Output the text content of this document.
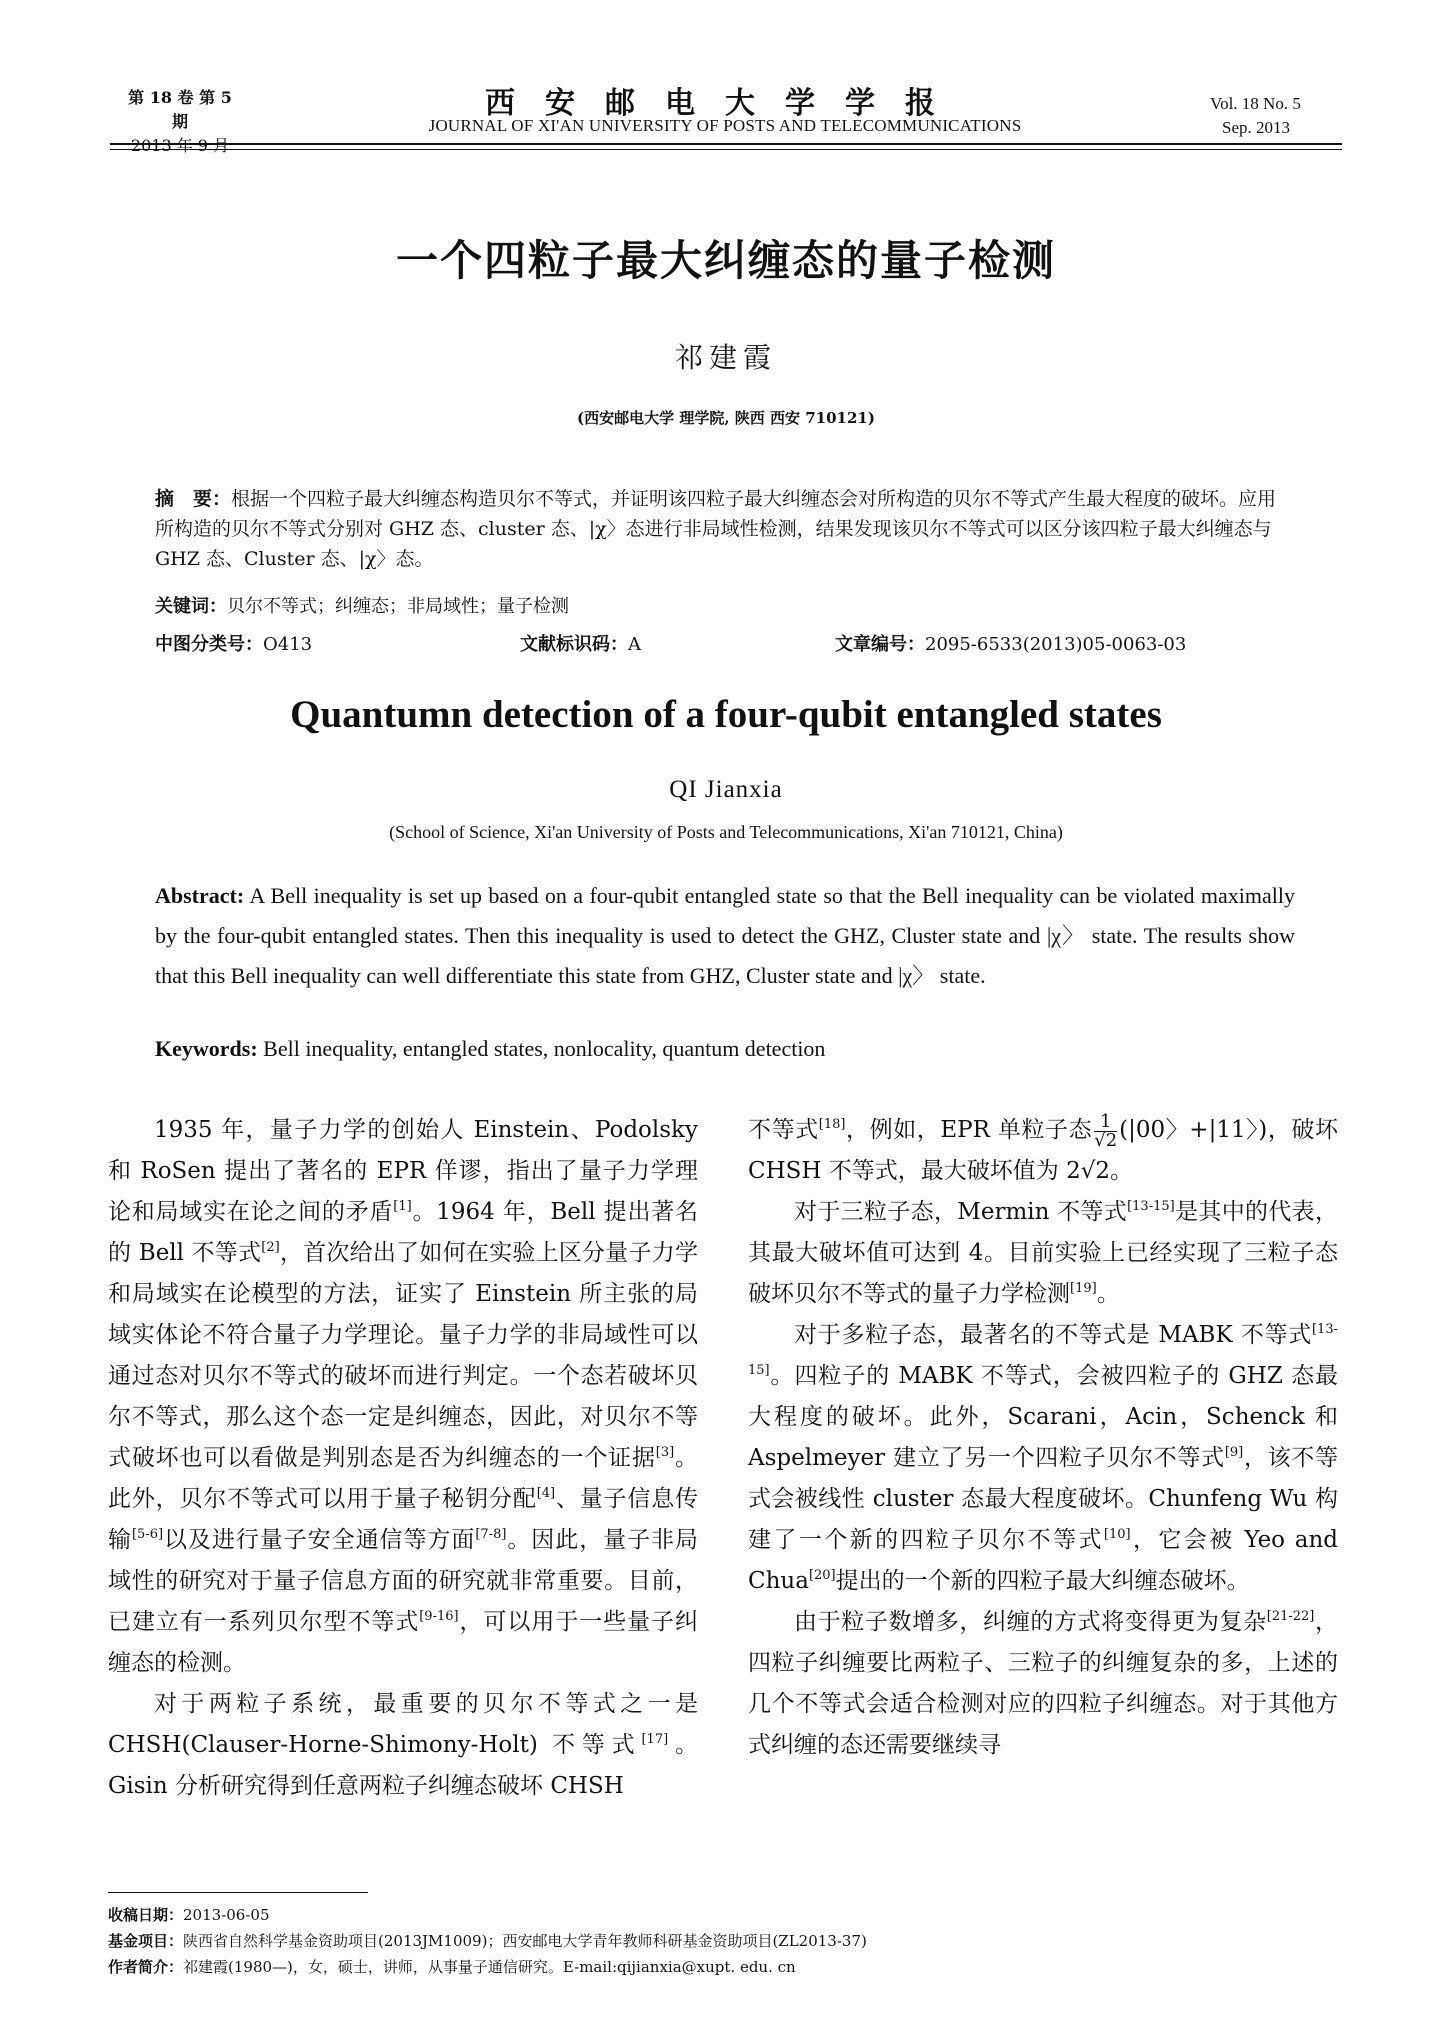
第 18 卷 第 5 期
2013 年 9 月
西安邮电大学学报
JOURNAL OF XI'AN UNIVERSITY OF POSTS AND TELECOMMUNICATIONS
Vol. 18 No. 5
Sep. 2013
一个四粒子最大纠缠态的量子检测
祁建霞
(西安邮电大学 理学院, 陕西 西安 710121)
摘　要：根据一个四粒子最大纠缠态构造贝尔不等式，并证明该四粒子最大纠缠态会对所构造的贝尔不等式产生最大程度的破坏。应用所构造的贝尔不等式分别对 GHZ 态、cluster 态、|χ〉态进行非局域性检测，结果发现该贝尔不等式可以区分该四粒子最大纠缠态与 GHZ 态、Cluster 态、|χ〉态。
关键词：贝尔不等式；纠缠态；非局域性；量子检测
中图分类号：O413	文献标识码：A	文章编号：2095-6533(2013)05-0063-03
Quantumn detection of a four-qubit entangled states
QI Jianxia
(School of Science, Xi'an University of Posts and Telecommunications, Xi'an 710121, China)
Abstract: A Bell inequality is set up based on a four-qubit entangled state so that the Bell inequality can be violated maximally by the four-qubit entangled states. Then this inequality is used to detect the GHZ, Cluster state and |χ〉 state. The results show that this Bell inequality can well differentiate this state from GHZ, Cluster state and |χ〉 state.
Keywords: Bell inequality, entangled states, nonlocality, quantum detection

1935 年，量子力学的创始人 Einstein、Podolsky 和 RoSen 提出了著名的 EPR 佯谬，指出了量子力学理论和局域实在论之间的矛盾[1]。1964 年，Bell 提出著名的 Bell 不等式[2]，首次给出了如何在实验上区分量子力学和局域实在论模型的方法，证实了 Einstein 所主张的局域实体论不符合量子力学理论。量子力学的非局域性可以通过态对贝尔不等式的破坏而进行判定。一个态若破坏贝尔不等式，那么这个态一定是纠缠态，因此，对贝尔不等式破坏也可以看做是判别态是否为纠缠态的一个证据[3]。此外，贝尔不等式可以用于量子秘钥分配[4]、量子信息传输[5-6]以及进行量子安全通信等方面[7-8]。因此，量子非局域性的研究对于量子信息方面的研究就非常重要。目前，已建立有一系列贝尔型不等式[9-16]，可以用于一些量子纠缠态的检测。

对于两粒子系统，最重要的贝尔不等式之一是 CHSH(Clauser-Horne-Shimony-Holt) 不等式[17]。Gisin 分析研究得到任意两粒子纠缠态破坏 CHSH

不等式[18]，例如，EPR 单粒子态 $\frac{1}{√2} (|00$〉+|11〉)，破坏 CHSH 不等式，最大破坏值为 2√2。

对于三粒子态，Mermin 不等式[13-15]是其中的代表，其最大破坏值可达到 4。目前实验上已经实现了三粒子态破坏贝尔不等式的量子力学检测[19]。

对于多粒子态，最著名的不等式是 MABK 不等式[13-15]。四粒子的 MABK 不等式，会被四粒子的 GHZ 态最大程度的破坏。此外，Scarani，Acin，Schenck 和 Aspelmeyer 建立了另一个四粒子贝尔不等式[9]，该不等式会被线性 cluster 态最大程度破坏。Chunfeng Wu 构建了一个新的四粒子贝尔不等式[10]，它会被 Yeo and Chua[20]提出的一个新的四粒子最大纠缠态破坏。

由于粒子数增多，纠缠的方式将变得更为复杂[21-22]，四粒子纠缠要比两粒子、三粒子的纠缠复杂的多，上述的几个不等式会适合检测对应的四粒子纠缠态。对于其他方式纠缠的态还需要继续寻

收稿日期：2013-06-05
基金项目：陕西省自然科学基金资助项目(2013JM1009)；西安邮电大学青年教师科研基金资助项目(ZL2013-37)
作者简介：祁建霞(1980—)，女，硕士，讲师，从事量子通信研究。E-mail:qijianxia@xupt. edu. cn
